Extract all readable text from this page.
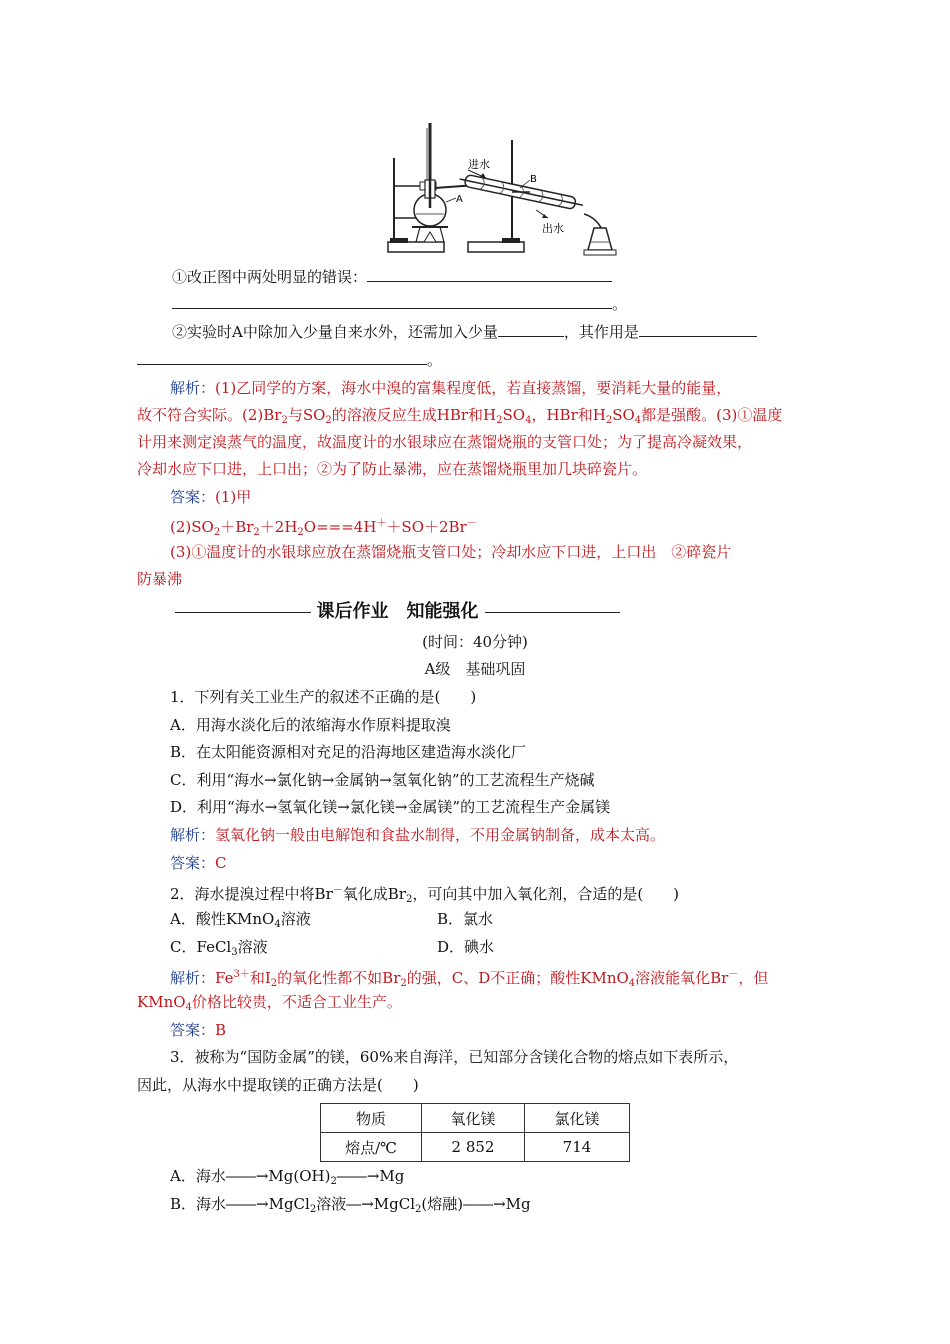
A
进水
出水
B
①改正图中两处明显的错误：
。
②实验时A中除加入少量自来水外，还需加入少量	，其作用是
。
解析：(1)乙同学的方案，海水中溴的富集程度低，若直接蒸馏，要消耗大量的能量，
故不符合实际。$(2)Br_2$与$SO_2$的溶液反应生成HBr和$H_2SO_4$，HBr和$H_2SO_4$都是强酸。(3)①温度
计用来测定溴蒸气的温度，故温度计的水银球应在蒸馏烧瓶的支管口处；为了提高冷凝效果，
冷却水应下口进，上口出；②为了防止暴沸，应在蒸馏烧瓶里加几块碎瓷片。
答案：(1)甲
$(2)SO_2+Br_2+2H_2O===4H^++SO+2Br^-$
(3)①温度计的水银球应放在蒸馏烧瓶支管口处；冷却水应下口进，上口出　②碎瓷片
防暴沸
课后作业　知能强化
(时间：40分钟)
A级　基础巩固
1．下列有关工业生产的叙述不正确的是(　　)
A．用海水淡化后的浓缩海水作原料提取溴
B．在太阳能资源相对充足的沿海地区建造海水淡化厂
C．利用“海水→氯化钠→金属钠→氢氧化钠”的工艺流程生产烧碱
D．利用“海水→氢氧化镁→氯化镁→金属镁”的工艺流程生产金属镁
解析：氢氧化钠一般由电解饱和食盐水制得，不用金属钠制备，成本太高。
答案：C
2．海水提溴过程中将Br－氧化成$Br_2$，可向其中加入氧化剂，合适的是(　　)
A．酸性KMnO$_4$溶液	B．氯水
C．FeCl$_3$溶液	D．碘水
解析：$Fe^{3+}$和$I_2$的氧化性都不如$Br_2$的强，C、D不正确；酸性KMnO$_4$溶液能氧化Br－，但
KMnO$_4$价格比较贵，不适合工业生产。
答案：B
3．被称为“国防金属”的镁，60%来自海洋，已知部分含镁化合物的熔点如下表所示，
因此，从海水中提取镁的正确方法是(　　)
物质	氧化镁	氯化镁
熔点/℃	2 852	714
A．海水$――\to Mg(OH)_2――\to Mg$
B．海水――→MgCl$_2$溶液―→MgCl$_2$(熔融)――→Mg
